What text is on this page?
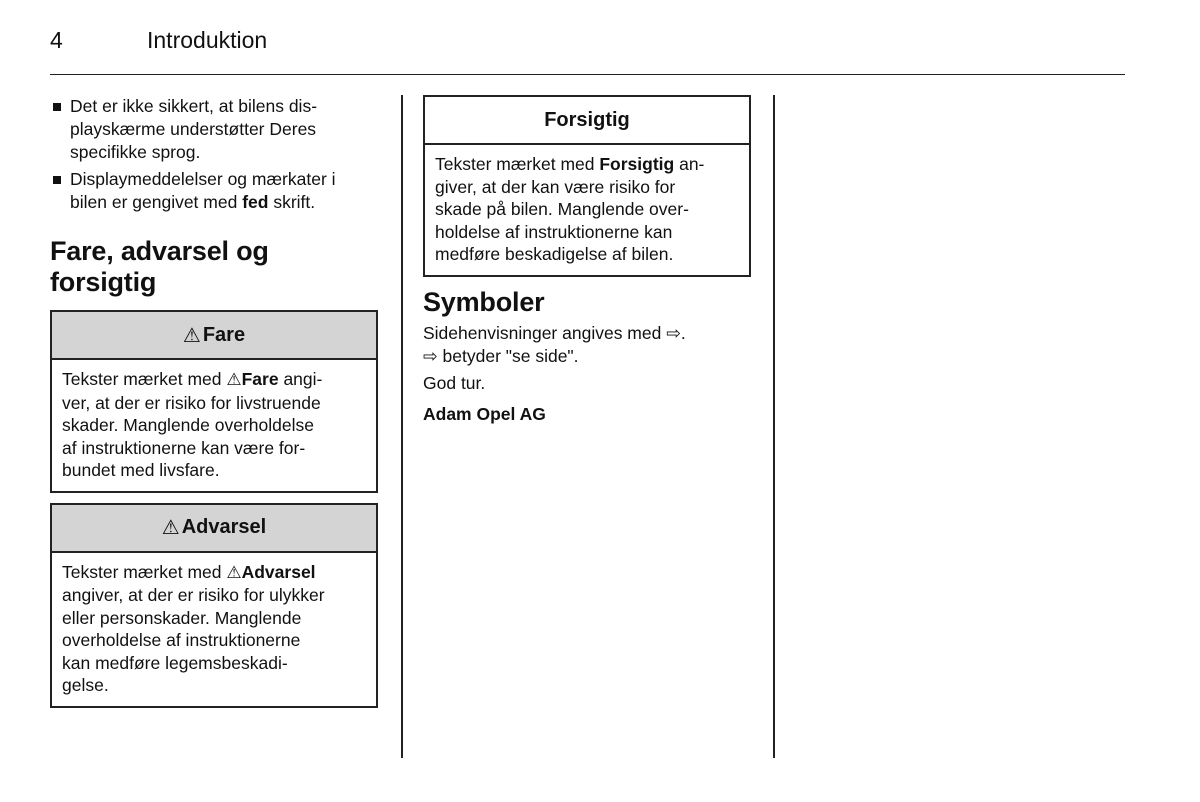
4	Introduktion
Det er ikke sikkert, at bilens dis-
playskærme understøtter Deres
specifikke sprog.
Displaymeddelelser og mærkater i
bilen er gengivet med fed skrift.
Fare, advarsel og forsigtig
⚠ Fare
Tekster mærket med ⚠Fare angi-
ver, at der er risiko for livstruende
skader. Manglende overholdelse
af instruktionerne kan være for-
bundet med livsfare.
⚠ Advarsel
Tekster mærket med ⚠Advarsel
angiver, at der er risiko for ulykker
eller personskader. Manglende
overholdelse af instruktionerne
kan medføre legemsbeskadi-
gelse.
Forsigtig
Tekster mærket med Forsigtig an-
giver, at der kan være risiko for
skade på bilen. Manglende over-
holdelse af instruktionerne kan
medføre beskadigelse af bilen.
Symboler

Sidehenvisninger angives med ⇨.
⇨ betyder "se side".

God tur.

Adam Opel AG
